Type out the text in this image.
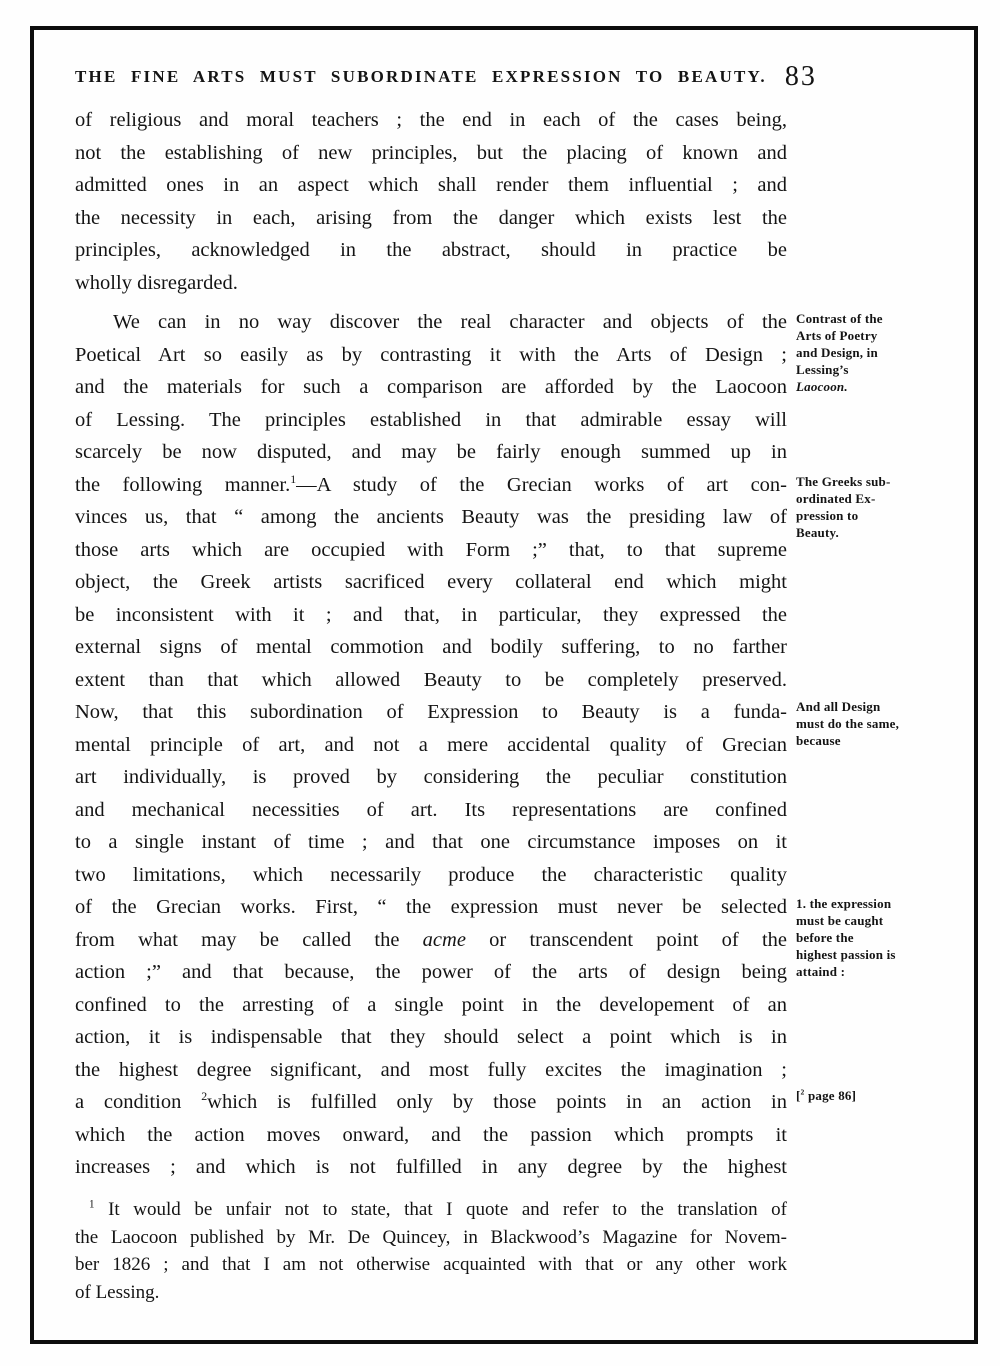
THE FINE ARTS MUST SUBORDINATE EXPRESSION TO BEAUTY. 83
of religious and moral teachers ; the end in each of the cases being,
not the establishing of new principles, but the placing of known and
admitted ones in an aspect which shall render them influential ; and
the necessity in each, arising from the danger which exists lest the
principles, acknowledged in the abstract, should in practice be
wholly disregarded.
We can in no way discover the real character and objects of the
Poetical Art so easily as by contrasting it with the Arts of Design ;
and the materials for such a comparison are afforded by the Laocoon
of Lessing. The principles established in that admirable essay will
scarcely be now disputed, and may be fairly enough summed up in
the following manner.$^1$—A study of the Grecian works of art con-
vinces us, that “ among the ancients Beauty was the presiding law of
those arts which are occupied with Form ;” that, to that supreme
object, the Greek artists sacrificed every collateral end which might
be inconsistent with it ; and that, in particular, they expressed the
external signs of mental commotion and bodily suffering, to no farther
extent than that which allowed Beauty to be completely preserved.
Now, that this subordination of Expression to Beauty is a funda-
mental principle of art, and not a mere accidental quality of Grecian
art individually, is proved by considering the peculiar constitution
and mechanical necessities of art. Its representations are confined
to a single instant of time ; and that one circumstance imposes on it
two limitations, which necessarily produce the characteristic quality
of the Grecian works. First, “ the expression must never be selected
from what may be called the acme or transcendent point of the
action ;” and that because, the power of the arts of design being
confined to the arresting of a single point in the developement of an
action, it is indispensable that they should select a point which is in
the highest degree significant, and most fully excites the imagination ;
a condition $^2$which is fulfilled only by those points in an action in
which the action moves onward, and the passion which prompts it
increases ; and which is not fulfilled in any degree by the highest
Contrast of the
Arts of Poetry
and Design, in
Lessing’s
Laocoon.
The Greeks sub-
ordinated Ex-
pression to
Beauty.
And all Design
must do the same,
because
1. the expression
must be caught
before the
highest passion is
attaind :
[$^2$ page 86]
$^1$ It would be unfair not to state, that I quote and refer to the translation of
the Laocoon published by Mr. De Quincey, in Blackwood’s Magazine for Novem-
ber 1826 ; and that I am not otherwise acquainted with that or any other work
of Lessing.
